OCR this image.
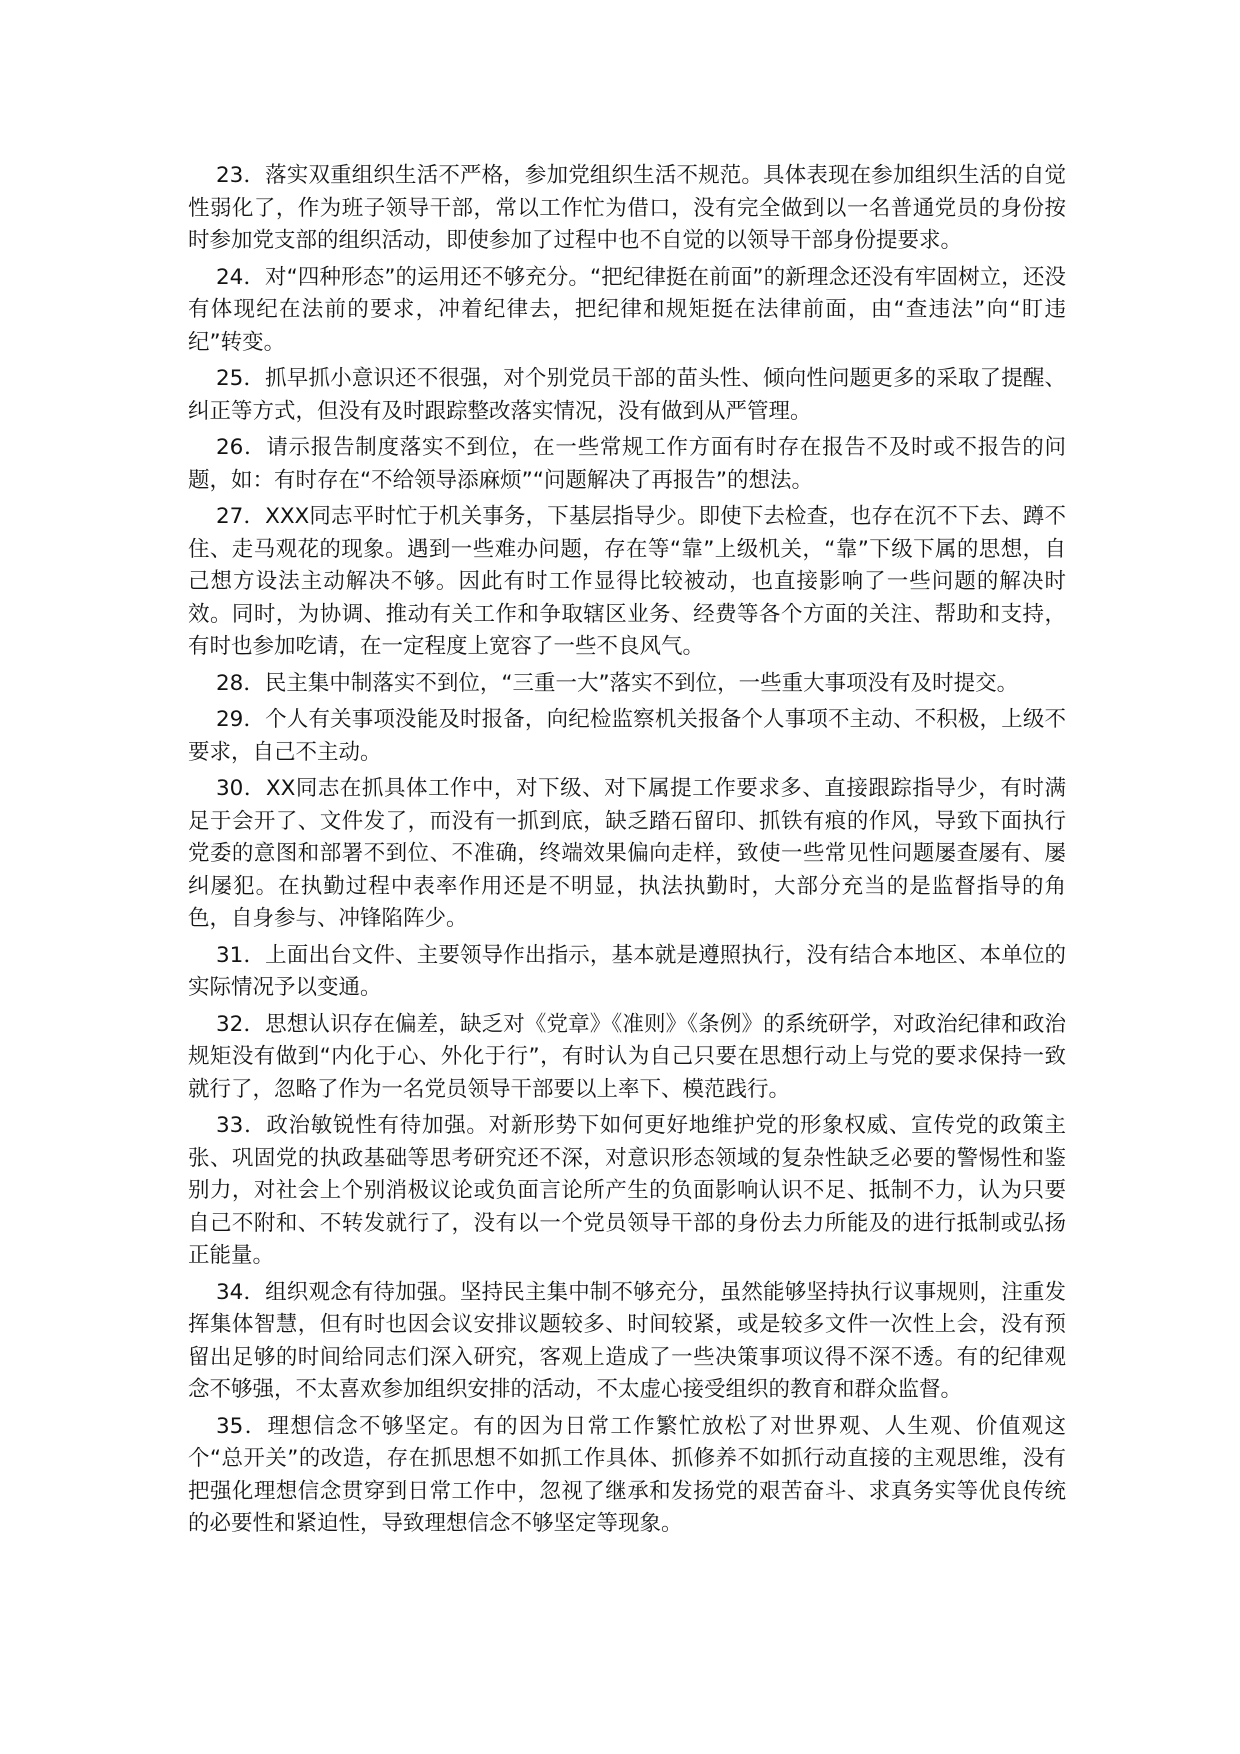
23．落实双重组织生活不严格，参加党组织生活不规范。具体表现在参加组织生活的自觉性弱化了，作为班子领导干部，常以工作忙为借口，没有完全做到以一名普通党员的身份按时参加党支部的组织活动，即使参加了过程中也不自觉的以领导干部身份提要求。

24．对“四种形态”的运用还不够充分。“把纪律挺在前面”的新理念还没有牢固树立，还没有体现纪在法前的要求，冲着纪律去，把纪律和规矩挺在法律前面，由“查违法”向“盯违纪”转变。

25．抓早抓小意识还不很强，对个别党员干部的苗头性、倾向性问题更多的采取了提醒、纠正等方式，但没有及时跟踪整改落实情况，没有做到从严管理。

26．请示报告制度落实不到位，在一些常规工作方面有时存在报告不及时或不报告的问题，如：有时存在“不给领导添麻烦”“问题解决了再报告”的想法。

27．XXX同志平时忙于机关事务，下基层指导少。即使下去检查，也存在沉不下去、蹲不住、走马观花的现象。遇到一些难办问题，存在等“靠”上级机关，“靠”下级下属的思想，自己想方设法主动解决不够。因此有时工作显得比较被动，也直接影响了一些问题的解决时效。同时，为协调、推动有关工作和争取辖区业务、经费等各个方面的关注、帮助和支持，有时也参加吃请，在一定程度上宽容了一些不良风气。

28．民主集中制落实不到位，“三重一大”落实不到位，一些重大事项没有及时提交。

29．个人有关事项没能及时报备，向纪检监察机关报备个人事项不主动、不积极，上级不要求，自己不主动。

30．XX同志在抓具体工作中，对下级、对下属提工作要求多、直接跟踪指导少，有时满足于会开了、文件发了，而没有一抓到底，缺乏踏石留印、抓铁有痕的作风，导致下面执行党委的意图和部署不到位、不准确，终端效果偏向走样，致使一些常见性问题屡查屡有、屡纠屡犯。在执勤过程中表率作用还是不明显，执法执勤时，大部分充当的是监督指导的角色，自身参与、冲锋陷阵少。

31．上面出台文件、主要领导作出指示，基本就是遵照执行，没有结合本地区、本单位的实际情况予以变通。

32．思想认识存在偏差，缺乏对《党章》《准则》《条例》的系统研学，对政治纪律和政治规矩没有做到“内化于心、外化于行”，有时认为自己只要在思想行动上与党的要求保持一致就行了，忽略了作为一名党员领导干部要以上率下、模范践行。

33．政治敏锐性有待加强。对新形势下如何更好地维护党的形象权威、宣传党的政策主张、巩固党的执政基础等思考研究还不深，对意识形态领域的复杂性缺乏必要的警惕性和鉴别力，对社会上个别消极议论或负面言论所产生的负面影响认识不足、抵制不力，认为只要自己不附和、不转发就行了，没有以一个党员领导干部的身份去力所能及的进行抵制或弘扬正能量。

34．组织观念有待加强。坚持民主集中制不够充分，虽然能够坚持执行议事规则，注重发挥集体智慧，但有时也因会议安排议题较多、时间较紧，或是较多文件一次性上会，没有预留出足够的时间给同志们深入研究，客观上造成了一些决策事项议得不深不透。有的纪律观念不够强，不太喜欢参加组织安排的活动，不太虚心接受组织的教育和群众监督。

35．理想信念不够坚定。有的因为日常工作繁忙放松了对世界观、人生观、价值观这个“总开关”的改造，存在抓思想不如抓工作具体、抓修养不如抓行动直接的主观思维，没有把强化理想信念贯穿到日常工作中，忽视了继承和发扬党的艰苦奋斗、求真务实等优良传统的必要性和紧迫性，导致理想信念不够坚定等现象。
